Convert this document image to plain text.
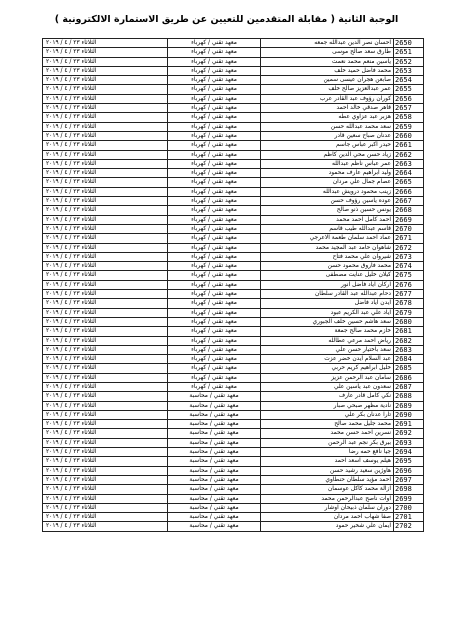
الوجبة الثانية ( مقابلة المتقدمين للتعيين عن طريق الاستمارة الالكترونية )
الثلاثاء ٢٣ / ٤ / ٢٠١٩	معهد تقني / كهرباء	احسان نصر الدين عبدالله جمعه	2650
الثلاثاء ٢٣ / ٤ / ٢٠١٩	معهد تقني / كهرباء	طارق سعد صالح موسى	2651
الثلاثاء ٢٣ / ٤ / ٢٠١٩	معهد تقني / كهرباء	ياسين منعم محمد نعمت	2652
الثلاثاء ٢٣ / ٤ / ٢٠١٩	معهد تقني / كهرباء	محمد فاضل حميد خلف	2653
الثلاثاء ٢٣ / ٤ / ٢٠١٩	معهد تقني / كهرباء	صابعن هجران عيسى سمين	2654
الثلاثاء ٢٣ / ٤ / ٢٠١٩	معهد تقني / كهرباء	عمر عبدالعزيز صالح خلف	2655
الثلاثاء ٢٣ / ٤ / ٢٠١٩	معهد تقني / كهرباء	كوران رؤوف عبد القادر عرب	2656
الثلاثاء ٢٣ / ٤ / ٢٠١٩	معهد تقني / كهرباء	قاهر صدقي خالد احمد	2657
الثلاثاء ٢٣ / ٤ / ٢٠١٩	معهد تقني / كهرباء	هزبر عبد عزاوي عطه	2658
الثلاثاء ٢٣ / ٤ / ٢٠١٩	معهد تقني / كهرباء	سعد محمد عبدالله حسن	2659
الثلاثاء ٢٣ / ٤ / ٢٠١٩	معهد تقني / كهرباء	عدنان صباح سعين قادر	2660
الثلاثاء ٢٣ / ٤ / ٢٠١٩	معهد تقني / كهرباء	حيدر اكبر عباس جاسم	2661
الثلاثاء ٢٣ / ٤ / ٢٠١٩	معهد تقني / كهرباء	زياد حسن محي الدين كاظم	2662
الثلاثاء ٢٣ / ٤ / ٢٠١٩	معهد تقني / كهرباء	عمر عباس ناظم عبدالله	2663
الثلاثاء ٢٣ / ٤ / ٢٠١٩	معهد تقني / كهرباء	وليد ابراهيم عارف محمود	2664
الثلاثاء ٢٣ / ٤ / ٢٠١٩	معهد تقني / كهرباء	عصام جمال علي مردان	2665
الثلاثاء ٢٣ / ٤ / ٢٠١٩	معهد تقني / كهرباء	زينب محمود درويش عبدالله	2666
الثلاثاء ٢٣ / ٤ / ٢٠١٩	معهد تقني / كهرباء	عوده ياسين رؤوف حسن	2667
الثلاثاء ٢٣ / ٤ / ٢٠١٩	معهد تقني / كهرباء	يونس حسين ذنو صالح	2668
الثلاثاء ٢٣ / ٤ / ٢٠١٩	معهد تقني / كهرباء	احمد كامل احمد محمد	2669
الثلاثاء ٢٣ / ٤ / ٢٠١٩	معهد تقني / كهرباء	قاسم عبدالله طيب قاسم	2670
الثلاثاء ٢٣ / ٤ / ٢٠١٩	معهد تقني / كهرباء	عماد احمد سلمان طعمة الاعرجي	2671
الثلاثاء ٢٣ / ٤ / ٢٠١٩	معهد تقني / كهرباء	شاهوان حامد عبد المجيد محمد	2672
الثلاثاء ٢٣ / ٤ / ٢٠١٩	معهد تقني / كهرباء	شيروان علي محمد فتاح	2673
الثلاثاء ٢٣ / ٤ / ٢٠١٩	معهد تقني / كهرباء	محمد فاروق محمود حسن	2674
الثلاثاء ٢٣ / ٤ / ٢٠١٩	معهد تقني / كهرباء	كيلان خليل عنايت مصطفى	2675
الثلاثاء ٢٣ / ٤ / ٢٠١٩	معهد تقني / كهرباء	اركان اياد فاضل انور	2676
الثلاثاء ٢٣ / ٤ / ٢٠١٩	معهد تقني / كهرباء	دحام عبدالله عبد القادر سلطان	2677
الثلاثاء ٢٣ / ٤ / ٢٠١٩	معهد تقني / كهرباء	ايدن اياد فاضل	2678
الثلاثاء ٢٣ / ٤ / ٢٠١٩	معهد تقني / كهرباء	اياد علي عبد الكريم عبود	2679
الثلاثاء ٢٣ / ٤ / ٢٠١٩	معهد تقني / كهرباء	سعد هاشم حسين خلف الجبوري	2680
الثلاثاء ٢٣ / ٤ / ٢٠١٩	معهد تقني / كهرباء	خازم محمد صالح جمعة	2681
الثلاثاء ٢٣ / ٤ / ٢٠١٩	معهد تقني / كهرباء	رياض احمد مرعي عطالله	2682
الثلاثاء ٢٣ / ٤ / ٢٠١٩	معهد تقني / كهرباء	سعد باختيار حسن علي	2683
الثلاثاء ٢٣ / ٤ / ٢٠١٩	معهد تقني / كهرباء	عبد السلام ايدن خضر عزت	2684
الثلاثاء ٢٣ / ٤ / ٢٠١٩	معهد تقني / كهرباء	خليل ابراهيم كريم حربي	2685
الثلاثاء ٢٣ / ٤ / ٢٠١٩	معهد تقني / كهرباء	سامان عبد الرحمن عزيز	2686
الثلاثاء ٢٣ / ٤ / ٢٠١٩	معهد تقني / كهرباء	سعدون عبد ياسين علي	2687
الثلاثاء ٢٣ / ٤ / ٢٠١٩	معهد تقني / محاسبة	نكي كامل قادر عارف	2688
الثلاثاء ٢٣ / ٤ / ٢٠١٩	معهد تقني / محاسبة	نادية مظهر صبحي صبار	2689
الثلاثاء ٢٣ / ٤ / ٢٠١٩	معهد تقني / محاسبة	تارا عدنان بكر علي	2690
الثلاثاء ٢٣ / ٤ / ٢٠١٩	معهد تقني / محاسبة	محمد جليل محمد صالح	2691
الثلاثاء ٢٣ / ٤ / ٢٠١٩	معهد تقني / محاسبة	نسرين احمد حسن محمد	2692
الثلاثاء ٢٣ / ٤ / ٢٠١٩	معهد تقني / محاسبة	بيرق بكر نجم عبد الرحمن	2693
الثلاثاء ٢٣ / ٤ / ٢٠١٩	معهد تقني / محاسبة	جيا نافع حمه رضا	2694
الثلاثاء ٢٣ / ٤ / ٢٠١٩	معهد تقني / محاسبة	هيلم يوسف اسعد احمد	2695
الثلاثاء ٢٣ / ٤ / ٢٠١٩	معهد تقني / محاسبة	هاوژين سعيد رشيد حسن	2696
الثلاثاء ٢٣ / ٤ / ٢٠١٩	معهد تقني / محاسبة	احمد مؤيد سلطان حنطاوي	2697
الثلاثاء ٢٣ / ٤ / ٢٠١٩	معهد تقني / محاسبة	ازالة محمد كاكل عوسمان	2698
الثلاثاء ٢٣ / ٤ / ٢٠١٩	معهد تقني / محاسبة	اوات ناصح عبدالرحمن محمد	2699
الثلاثاء ٢٣ / ٤ / ٢٠١٩	معهد تقني / محاسبة	دوران سلمان ذبيحان اوشار	2700
الثلاثاء ٢٣ / ٤ / ٢٠١٩	معهد تقني / محاسبة	صفا شهاب احمد مردان	2701
الثلاثاء ٢٣ / ٤ / ٢٠١٩	معهد تقني / محاسبة	ايمان علي شخير حمود	2702
